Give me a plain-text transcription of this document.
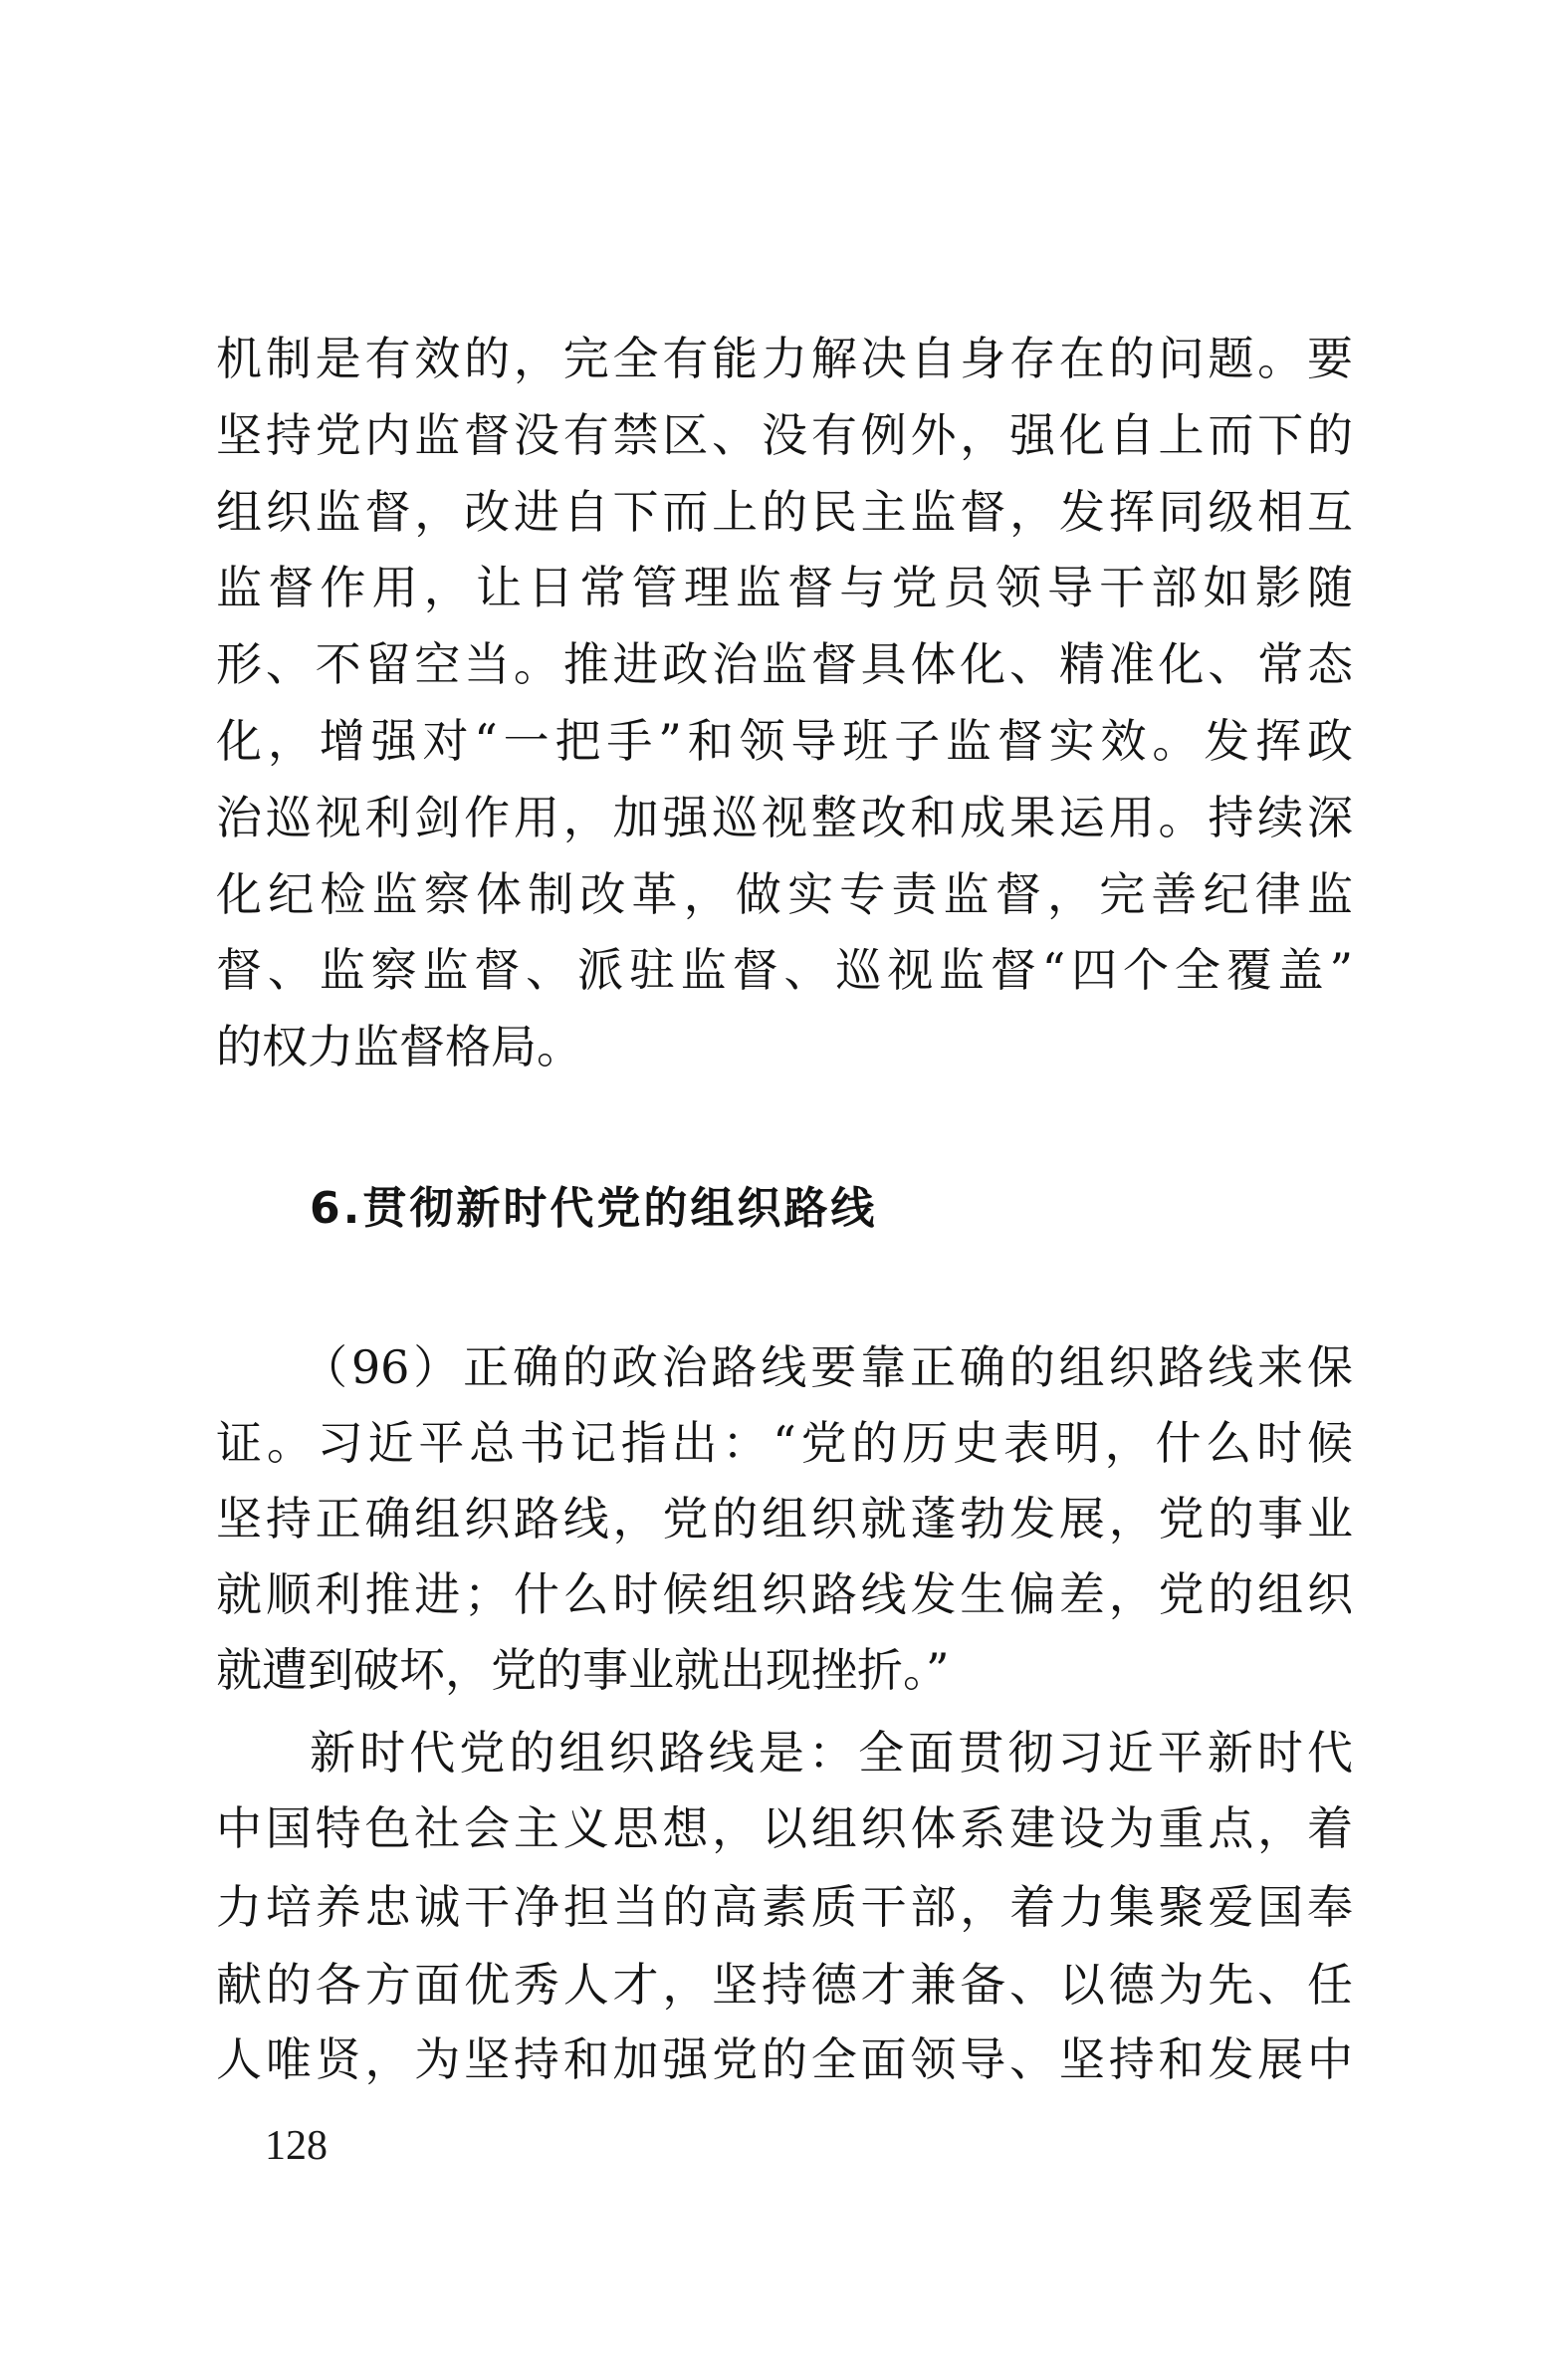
机制是有效的，完全有能力解决自身存在的问题。要
坚持党内监督没有禁区、没有例外，强化自上而下的
组织监督，改进自下而上的民主监督，发挥同级相互
监督作用，让日常管理监督与党员领导干部如影随
形、不留空当。推进政治监督具体化、精准化、常态
化，增强对“一把手”和领导班子监督实效。发挥政
治巡视利剑作用，加强巡视整改和成果运用。持续深
化纪检监察体制改革，做实专责监督，完善纪律监
督、监察监督、派驻监督、巡视监督“四个全覆盖”
的权力监督格局。
6.贯彻新时代党的组织路线
（96）正确的政治路线要靠正确的组织路线来保
证。习近平总书记指出：“党的历史表明，什么时候
坚持正确组织路线，党的组织就蓬勃发展，党的事业
就顺利推进；什么时候组织路线发生偏差，党的组织
就遭到破坏，党的事业就出现挫折。”
新时代党的组织路线是：全面贯彻习近平新时代
中国特色社会主义思想，以组织体系建设为重点，着
力培养忠诚干净担当的高素质干部，着力集聚爱国奉
献的各方面优秀人才，坚持德才兼备、以德为先、任
人唯贤，为坚持和加强党的全面领导、坚持和发展中
128
